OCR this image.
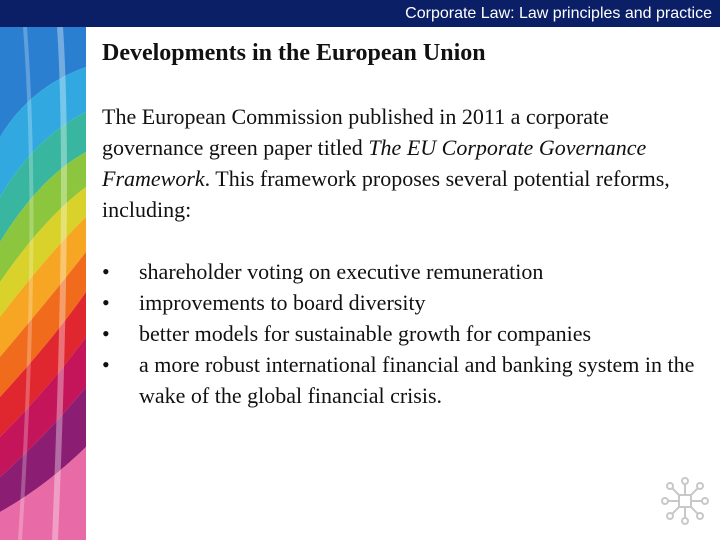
Corporate Law: Law principles and practice
Developments in the European Union

The European Commission published in 2011 a corporate governance green paper titled The EU Corporate Governance Framework. This framework proposes several potential reforms, including:

• shareholder voting on executive remuneration
• improvements to board diversity
• better models for sustainable growth for companies
• a more robust international financial and banking system in the wake of the global financial crisis.
